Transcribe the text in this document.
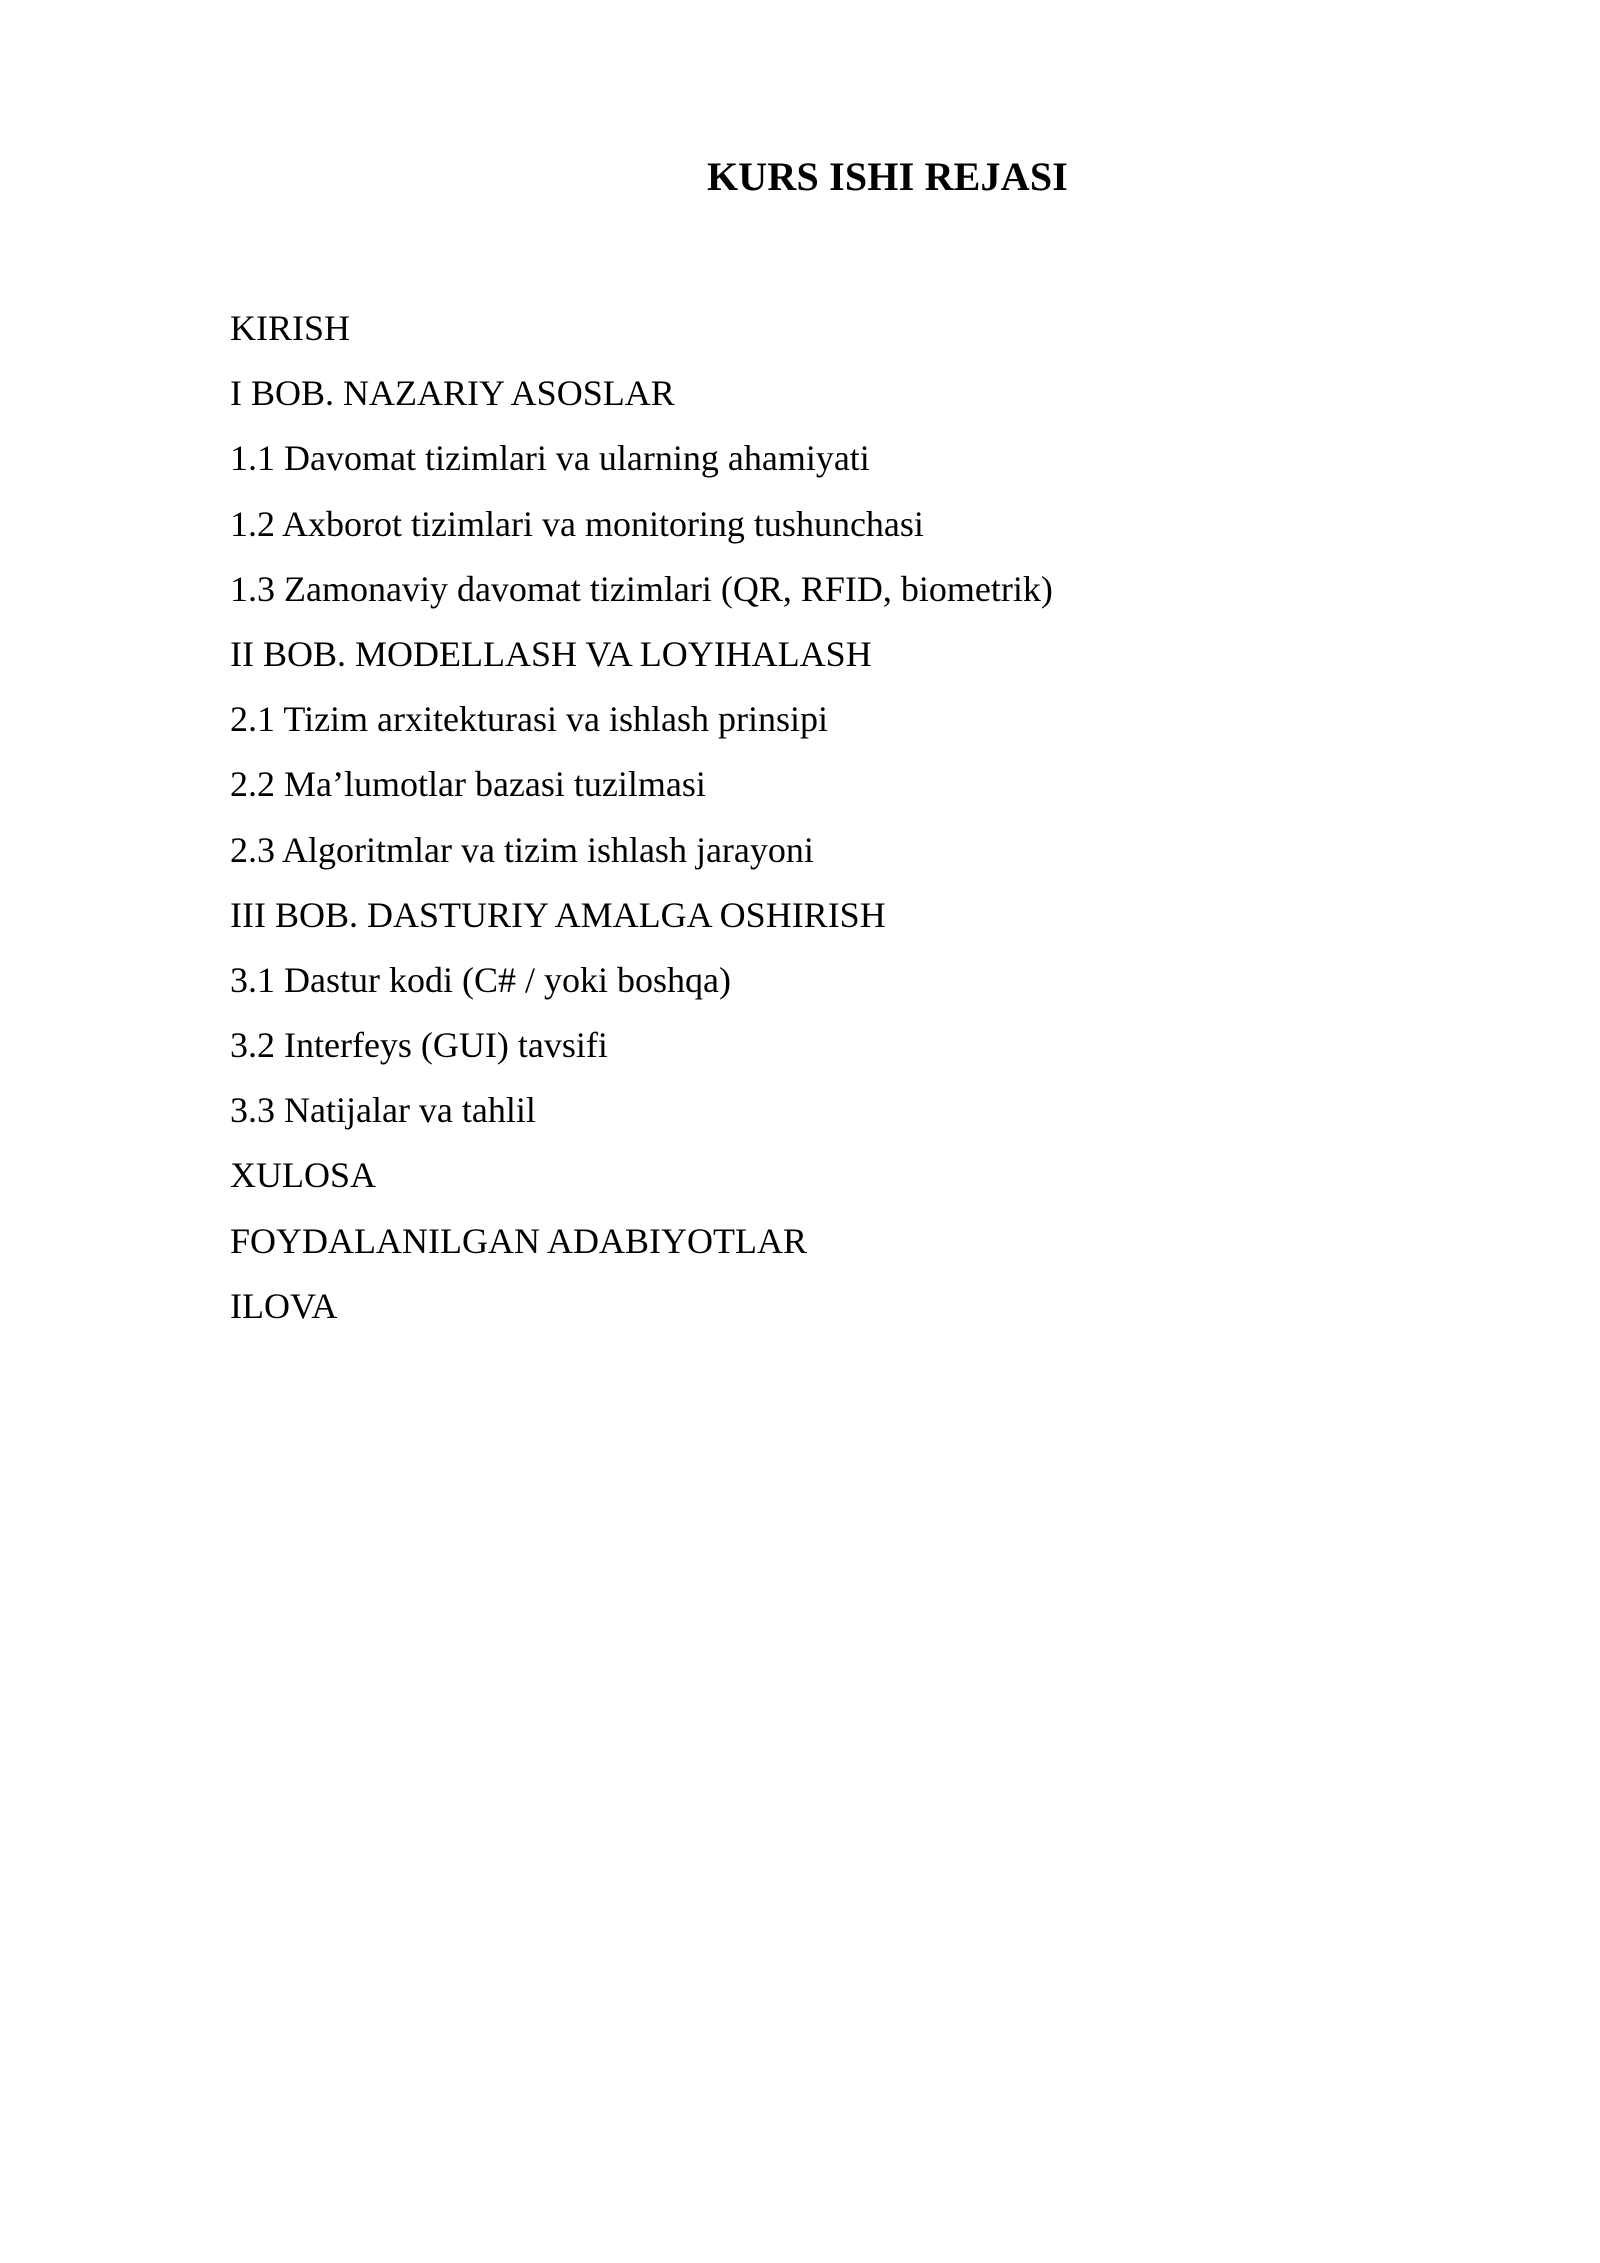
KURS ISHI REJASI
KIRISH
I BOB. NAZARIY ASOSLAR
1.1 Davomat tizimlari va ularning ahamiyati
1.2 Axborot tizimlari va monitoring tushunchasi
1.3 Zamonaviy davomat tizimlari (QR, RFID, biometrik)
II BOB. MODELLASH VA LOYIHALASH
2.1 Tizim arxitekturasi va ishlash prinsipi
2.2 Ma’lumotlar bazasi tuzilmasi
2.3 Algoritmlar va tizim ishlash jarayoni
III BOB. DASTURIY AMALGA OSHIRISH
3.1 Dastur kodi (C# / yoki boshqa)
3.2 Interfeys (GUI) tavsifi
3.3 Natijalar va tahlil
XULOSA
FOYDALANILGAN ADABIYOTLAR
ILOVA
